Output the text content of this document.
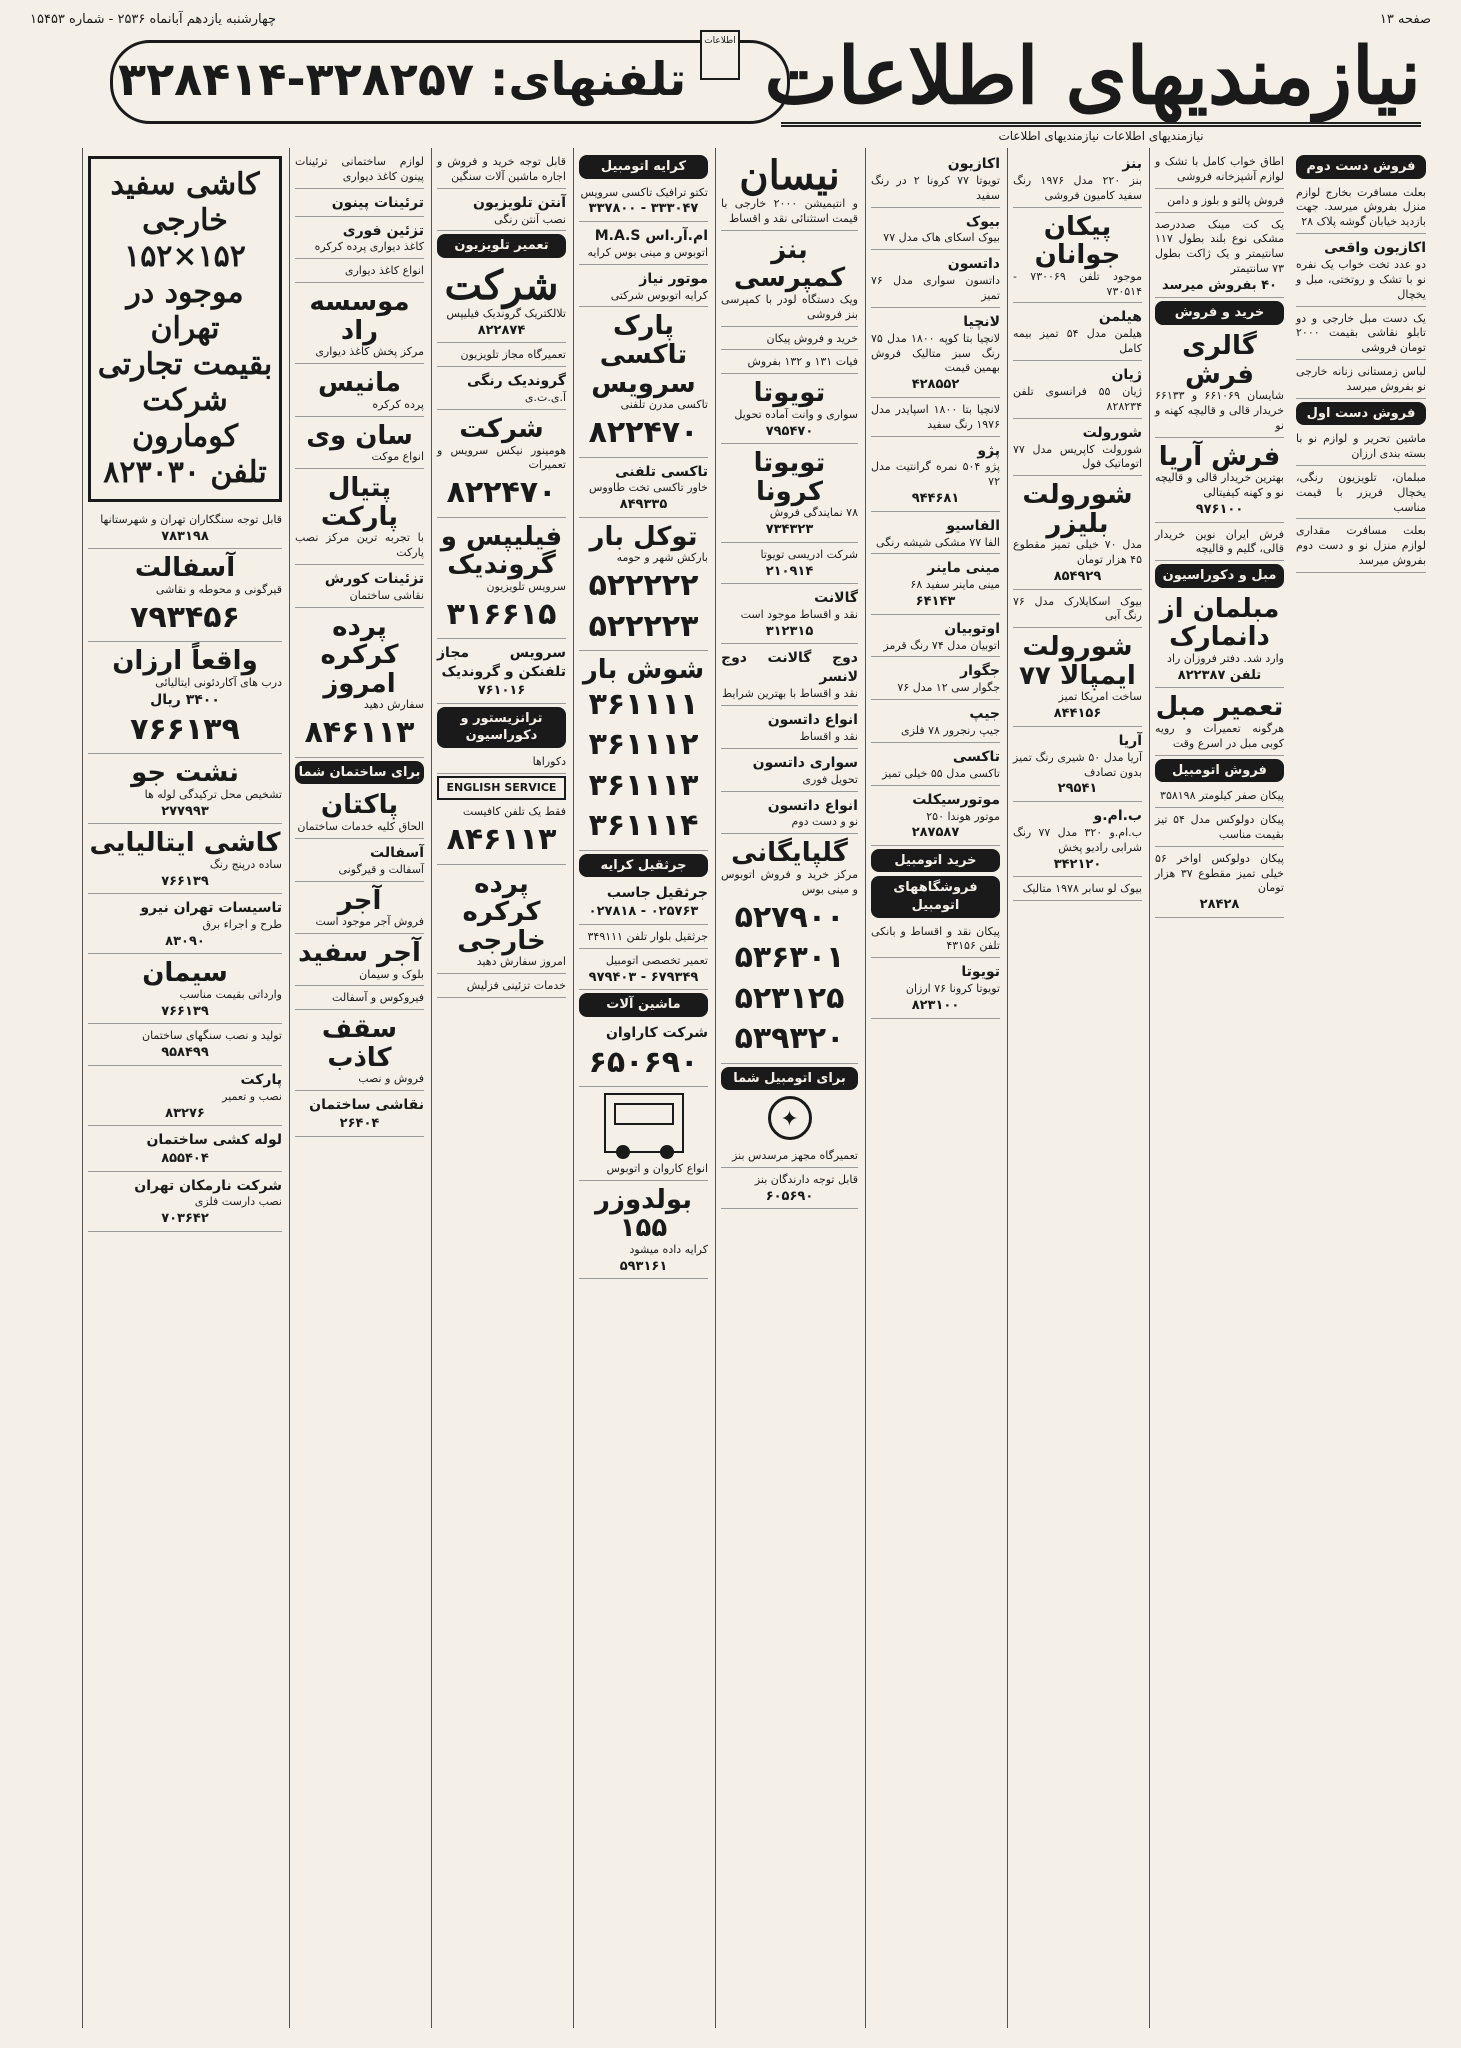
صفحه ۱۳
چهارشنبه یازدهم آبانماه ۲۵۳۶ - شماره ۱۵۴۵۳
نیازمندیهای اطلاعات
نیازمندیهای اطلاعات نیازمندیهای اطلاعات
تلفنهای: ۳۲۸۲۵۷-۳۲۸۴۱۴
اطلاعات
فروش دست دوم
بعلت مسافرت بخارج لوازم منزل بفروش میرسد. جهت بازدید خیابان گوشه پلاک ۲۸
اکازیون واقعی
دو عدد تخت خواب یک نفره نو با تشک و روتختی، مبل و یخچال
یک دست مبل خارجی و دو تابلو نقاشی بقیمت ۲۰۰۰ تومان فروشی
لباس زمستانی زنانه خارجی نو بفروش میرسد
فروش دست اول
ماشین تحریر و لوازم نو با بسته بندی ارزان
مبلمان، تلویزیون رنگی، یخچال فریزر با قیمت مناسب
بعلت مسافرت مقداری لوازم منزل نو و دست دوم بفروش میرسد
اطاق خواب کامل با تشک و لوازم آشپزخانه فروشی
فروش پالتو و بلوز و دامن
یک کت مینک صددرصد مشکی نوع بلند بطول ۱۱۷ سانتیمتر و یک ژاکت بطول ۷۳ سانتیمتر
۴۰ بفروش میرسد
خرید و فروش
گالری فرش
شایسان ۶۶۱۰۶۹ و ۶۶۱۳۳ خریدار قالی و قالیچه کهنه و نو
فرش آریا
بهترین خریدار قالی و قالیچه نو و کهنه کیفیتالی
۹۷۶۱۰۰
فرش ایران نوین خریدار قالی، گلیم و قالیچه
مبل و دکوراسیون
مبلمان از دانمارک
وارد شد. دفتر فروزان راد
تلفن ۸۲۲۳۸۷
تعمیر مبل
هرگونه تعمیرات و رویه کوبی مبل در اسرع وقت
فروش اتومبیل
پیکان صفر کیلومتر ۳۵۸۱۹۸
پیکان دولوکس مدل ۵۴ تیز بقیمت مناسب
پیکان دولوکس اواخر ۵۶ خیلی تمیز مقطوع ۳۷ هزار تومان
۲۸۴۲۸
بنز
بنز ۲۲۰ مدل ۱۹۷۶ رنگ سفید کامیون فروشی
پیکان جوانان
موجود تلفن ۷۳۰۰۶۹ - ۷۳۰۵۱۴
هیلمن
هیلمن مدل ۵۴ تمیز بیمه کامل
ژیان
ژیان ۵۵ فرانسوی تلفن ۸۲۸۲۳۴
شورولت
شورولت کاپریس مدل ۷۷ اتوماتیک فول
شورولت بلیزر
مدل ۷۰ خیلی تمیز مقطوع ۴۵ هزار تومان
۸۵۴۹۲۹
بیوک اسکایلارک مدل ۷۶ رنگ آبی
شورولت ایمپالا ۷۷
ساخت امریکا تمیز
۸۴۴۱۵۶
آریا
آریا مدل ۵۰ شیری رنگ تمیز بدون تصادف
۲۹۵۴۱
ب.ام.و
ب.ام.و ۳۲۰ مدل ۷۷ رنگ شرابی رادیو پخش
۳۴۲۱۲۰
بیوک لو سابر ۱۹۷۸ متالیک
اکازیون
تویوتا ۷۷ کرونا ۲ در رنگ سفید
بیوک
بیوک اسکای هاک مدل ۷۷
داتسون
داتسون سواری مدل ۷۶ تمیز
لانچیا
لانچیا بتا کوپه ۱۸۰۰ مدل ۷۵ رنگ سبز متالیک فروش بهمین قیمت
۴۲۸۵۵۲
لانچیا بتا ۱۸۰۰ اسپایدر مدل ۱۹۷۶ رنگ سفید
پژو
پژو ۵۰۴ نمره گرانتیت مدل ۷۲
۹۴۴۶۸۱
الفاسیو
الفا ۷۷ مشکی شیشه رنگی
مینی ماینر
مینی ماینر سفید ۶۸
۶۴۱۴۳
اوتوبیان
اتوبیان مدل ۷۴ رنگ قرمز
جگوار
جگوار سی ۱۲ مدل ۷۶
جیپ
جیپ رنجرور ۷۸ فلزی
تاکسی
تاکسی مدل ۵۵ خیلی تمیز
موتورسیکلت
موتور هوندا ۲۵۰
۲۸۷۵۸۷
خرید اتومبیل
فروشگاههای اتومبیل
پیکان نقد و اقساط و بانکی تلفن ۴۳۱۵۶
تویوتا
تویوتا کرونا ۷۶ ارزان
۸۲۳۱۰۰
نیسان
و انتیمیشن ۲۰۰۰ خارجی با قیمت استثنائی نقد و اقساط
بنز کمپرسی
ویک دستگاه لودر با کمپرسی بنز فروشی
خرید و فروش پیکان
فیات ۱۳۱ و ۱۳۲ بفروش
تویوتا
سواری و وانت آماده تحویل
۷۹۵۴۷۰
تویوتا کرونا
۷۸ نمایندگی فروش
۷۳۴۳۲۳
شرکت ادریسی تویوتا
۲۱۰۹۱۴
گالانت
نقد و اقساط موجود است
۳۱۲۳۱۵
دوج گالانت دوج لانسر
نقد و اقساط با بهترین شرایط
انواع داتسون
نقد و اقساط
سواری داتسون
تحویل فوری
انواع داتسون
نو و دست دوم
گلپایگانی
مرکز خرید و فروش اتوبوس و مینی بوس
۵۲۷۹۰۰
۵۳۶۳۰۱
۵۲۳۱۲۵
۵۳۹۳۲۰
برای اتومبیل شما
✦
تعمیرگاه مجهز مرسدس بنز
قابل توجه دارندگان بنز
۶۰۵۶۹۰
کرایه اتومبیل
تکتو ترافیک تاکسی سرویس
۳۳۳۰۴۷ - ۳۳۷۸۰۰
ام.آر.اس M.A.S
اتوبوس و مینی بوس کرایه
موتور نیاز
کرایه اتوبوس شرکتی
پارک تاکسی سرویس
تاکسی مدرن تلفنی
۸۲۲۴۷۰
تاکسی تلفنی
خاور تاکسی تخت طاووس
۸۴۹۳۳۵
توکل بار
بارکش شهر و حومه
۵۲۲۲۲۲
۵۲۲۲۲۳
شوش بار
۳۶۱۱۱۱
۳۶۱۱۱۲
۳۶۱۱۱۳
۳۶۱۱۱۴
جرثقیل کرایه
جرثقیل جاسب
۰۲۵۷۶۳ - ۰۲۷۸۱۸
جرثقیل بلوار تلفن ۳۴۹۱۱۱
تعمیر تخصصی اتومبیل
۶۷۹۳۴۹ - ۹۷۹۴۰۳
ماشین آلات
شرکت کاراوان
۶۵۰۶۹۰
انواع کاروان و اتوبوس
بولدوزر ۱۵۵
کرایه داده میشود
۵۹۳۱۶۱
قابل توجه خرید و فروش و اجاره ماشین آلات سنگین
آنتن تلویزیون
نصب آنتن رنگی
تعمیر تلویزیون
شرکت
تلالکتریک گروندیک فیلیپس
۸۲۲۸۷۴
تعمیرگاه مجاز تلویزیون
گروندیک رنگی
آ.ی.ت.ی
شرکت
هومینور نیکس سرویس و تعمیرات
۸۲۲۴۷۰
فیلیپس و گروندیک
سرویس تلویزیون
۳۱۶۶۱۵
سرویس مجاز تلفنکن و گروندیک
۷۶۱۰۱۶
ترانزیستور و دکوراسیون
دکوراها
ENGLISH SERVICE
فقط یک تلفن کافیست
۸۴۶۱۱۳
پرده کرکره خارجی
امروز سفارش دهید
خدمات تزئینی فزلیش
لوازم ساختمانی ترئینات پینون کاغذ دیواری
ترئینات پینون
تزئین فوری
کاغذ دیواری پرده کرکره
انواع کاغذ دیواری
موسسه راد
مرکز پخش کاغذ دیواری
مانیس
پرده کرکره
سان وی
انواع موکت
پتیال پارکت
با تجربه ترین مرکز نصب پارکت
تزئینات کورش
نقاشی ساختمان
پرده کرکره امروز
سفارش دهید
۸۴۶۱۱۳
برای ساختمان شما
پاکتان
الحاق کلیه خدمات ساختمان
آسفالت
آسفالت و قیرگونی
آجر
فروش آجر موجود است
آجر سفید
بلوک و سیمان
فیروکوس و آسفالت
سقف کاذب
فروش و نصب
نقاشی ساختمان
۲۶۴۰۴
کاشی سفید
خارجی ۱۵۲×۱۵۲
موجود در تهران
بقیمت تجارتی
شرکت کومارون
تلفن ۸۲۳۰۳۰
قابل توجه سنگکاران تهران و شهرستانها
۷۸۳۱۹۸
آسفالت
قیرگونی و محوطه و نقاشی
۷۹۳۴۵۶
واقعاً ارزان
درب های آکاردئونی ایتالیائی
۳۴۰۰ ریال
۷۶۶۱۳۹
نشت جو
تشخیص محل ترکیدگی لوله ها
۲۷۷۹۹۳
کاشی ایتالیایی
ساده درپنج رنگ
۷۶۶۱۳۹
تاسیسات تهران نیرو
طرح و اجراء برق
۸۳۰۹۰
سیمان
وارداتی بقیمت مناسب
۷۶۶۱۳۹
تولید و نصب سنگهای ساختمان
۹۵۸۴۹۹
پارکت
نصب و تعمیر
۸۳۲۷۶
لوله کشی ساختمان
۸۵۵۴۰۴
شرکت نارمکان تهران
نصب دارست فلزی
۷۰۳۶۴۲
